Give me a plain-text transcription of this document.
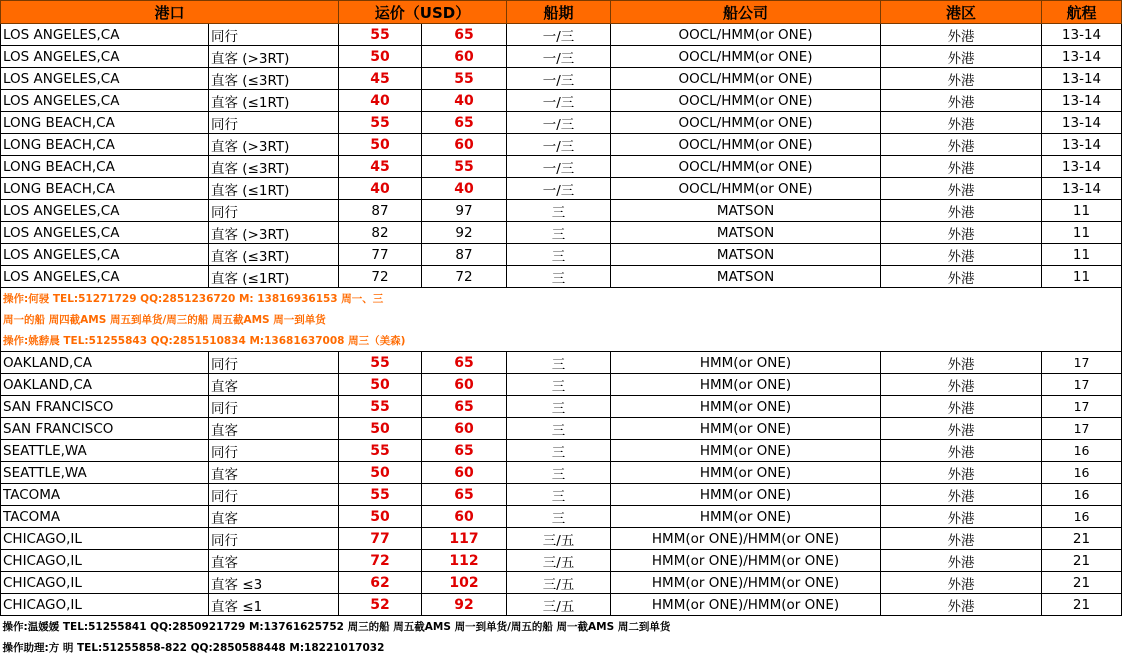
港口		运价（USD）		船期	船公司	港区	航程
LOS ANGELES,CA	同行	55	65	一/三	OOCL/HMM(or ONE)	外港	13-14
LOS ANGELES,CA	直客 (>3RT)	50	60	一/三	OOCL/HMM(or ONE)	外港	13-14
LOS ANGELES,CA	直客 (≤3RT)	45	55	一/三	OOCL/HMM(or ONE)	外港	13-14
LOS ANGELES,CA	直客 (≤1RT)	40	40	一/三	OOCL/HMM(or ONE)	外港	13-14
LONG BEACH,CA	同行	55	65	一/三	OOCL/HMM(or ONE)	外港	13-14
LONG BEACH,CA	直客 (>3RT)	50	60	一/三	OOCL/HMM(or ONE)	外港	13-14
LONG BEACH,CA	直客 (≤3RT)	45	55	一/三	OOCL/HMM(or ONE)	外港	13-14
LONG BEACH,CA	直客 (≤1RT)	40	40	一/三	OOCL/HMM(or ONE)	外港	13-14
LOS ANGELES,CA	同行	87	97	三	MATSON	外港	11
LOS ANGELES,CA	直客 (>3RT)	82	92	三	MATSON	外港	11
LOS ANGELES,CA	直客 (≤3RT)	77	87	三	MATSON	外港	11
LOS ANGELES,CA	直客 (≤1RT)	72	72	三	MATSON	外港	11
操作:何骎 TEL:51271729 QQ:2851236720 M: 13816936153 周一、三							
周一的船 周四截AMS 周五到单货/周三的船 周五截AMS 周一到单货							
操作:姚馞晨 TEL:51255843 QQ:2851510834 M:13681637008 周三（美森)							
OAKLAND,CA	同行	55	65	三	HMM(or ONE)	外港	17
OAKLAND,CA	直客	50	60	三	HMM(or ONE)	外港	17
SAN FRANCISCO	同行	55	65	三	HMM(or ONE)	外港	17
SAN FRANCISCO	直客	50	60	三	HMM(or ONE)	外港	17
SEATTLE,WA	同行	55	65	三	HMM(or ONE)	外港	16
SEATTLE,WA	直客	50	60	三	HMM(or ONE)	外港	16
TACOMA	同行	55	65	三	HMM(or ONE)	外港	16
TACOMA	直客	50	60	三	HMM(or ONE)	外港	16
CHICAGO,IL	同行	77	117	三/五	HMM(or ONE)/HMM(or ONE)	外港	21
CHICAGO,IL	直客	72	112	三/五	HMM(or ONE)/HMM(or ONE)	外港	21
CHICAGO,IL	直客 ≤3	62	102	三/五	HMM(or ONE)/HMM(or ONE)	外港	21
CHICAGO,IL	直客 ≤1	52	92	三/五	HMM(or ONE)/HMM(or ONE)	外港	21
操作:温媛媛 TEL:51255841 QQ:2850921729 M:13761625752 周三的船 周五截AMS 周一到单货/周五的船 周一截AMS 周二到单货							
操作助理:方 明 TEL:51255858-822 QQ:2850588448 M:18221017032							
